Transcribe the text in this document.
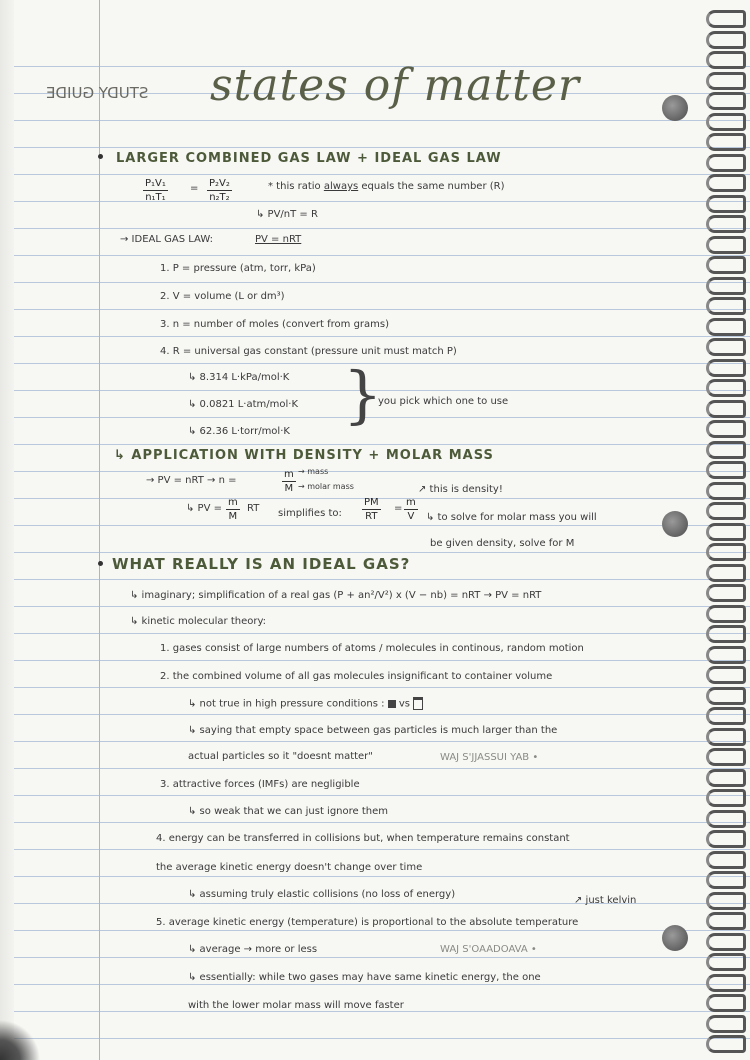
STUDY GUIDE states of matter
LARGER COMBINED GAS LAW + IDEAL GAS LAW
$\frac{\text{P₁V₁}}{\text{n₁T₁}} = \frac{\text{P₂V₂}}{\text{n₂T₂}}$	* this ratio always equals the same number (R)
↳ PV/nT = R
→ IDEAL GAS LAW:	PV = nRT
1. P = pressure (atm, torr, kPa)
2. V = volume (L or dm³)
3. n = number of moles (convert from grams)
4. R = universal gas constant (pressure unit must match P)
↳ 8.314 L·kPa/mol·K
↳ 0.0821 L·atm/mol·K
↳ 62.36 L·torr/mol·K
}
you pick which one to use
↳ APPLICATION WITH DENSITY + MOLAR MASS
→ PV = nRT → n =	$\frac{m}{M}$ → mass
→ molar mass
↳ PV = $\frac{m}{M}$ RT simplifies to: $\frac{PM}{RT} = \frac{m}{V}$
↗ this is density!
↳ to solve for molar mass you will
be given density, solve for M
WHAT REALLY IS AN IDEAL GAS?
↳ imaginary; simplification of a real gas (P + an²/V²) x (V − nb) = nRT → PV = nRT
↳ kinetic molecular theory:
1. gases consist of large numbers of atoms / molecules in continous, random motion
2. the combined volume of all gas molecules insignificant to container volume
↳ not true in high pressure conditions : vs
↳ saying that empty space between gas particles is much larger than the
actual particles so it "doesnt matter"	WAJ S'JJASSUI YAB •
3. attractive forces (IMFs) are negligible
↳ so weak that we can just ignore them
4. energy can be transferred in collisions but, when temperature remains constant
the average kinetic energy doesn't change over time
↳ assuming truly elastic collisions (no loss of energy)
↗ just kelvin
5. average kinetic energy (temperature) is proportional to the absolute temperature
↳ average → more or less	WAJ S'OAADOAVA •
↳ essentially: while two gases may have same kinetic energy, the one
with the lower molar mass will move faster
